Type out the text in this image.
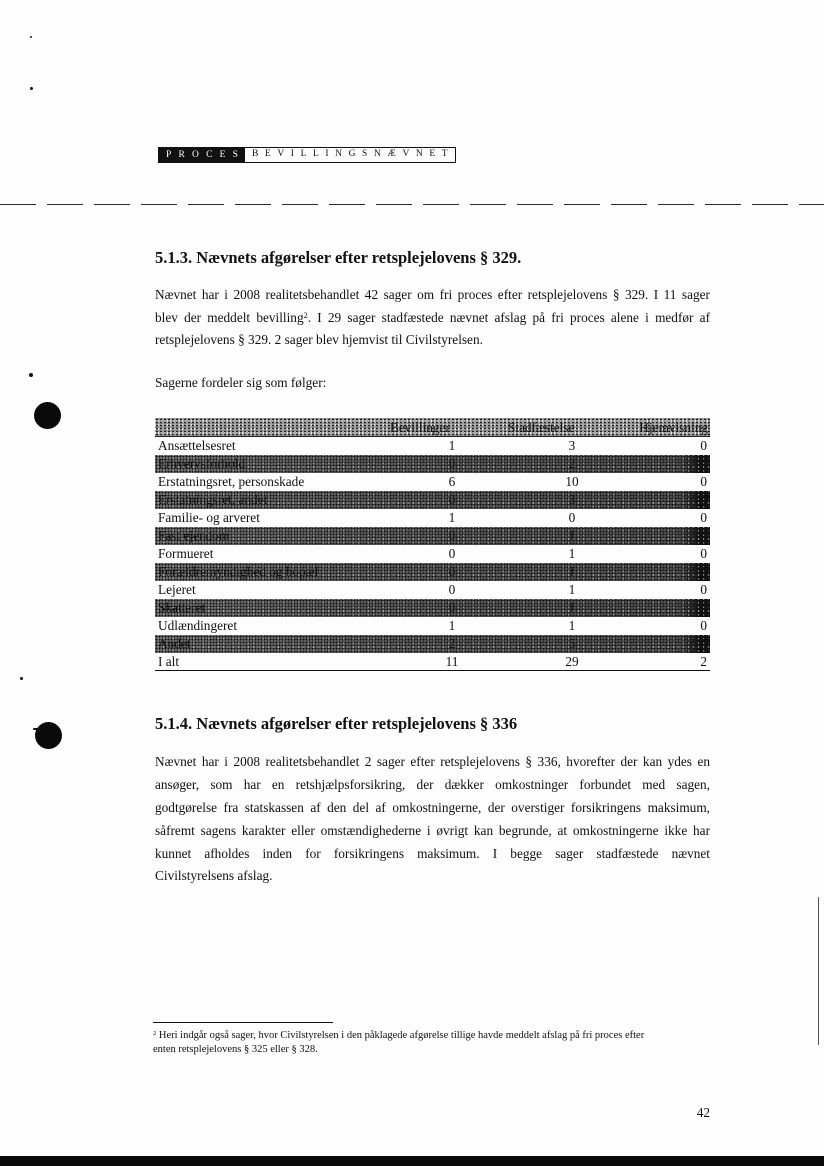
PROCES BEVILLINGSNÆVNET
5.1.3. Nævnets afgørelser efter retsplejelovens § 329.
Nævnet har i 2008 realitetsbehandlet 42 sager om fri proces efter retsplejelovens § 329. I 11 sager
blev der meddelt bevilling$^2$. I 29 sager stadfæstede nævnet afslag på fri proces alene i medfør af
retsplejelovens § 329. 2 sager blev hjemvist til Civilstyrelsen.
Sagerne fordeler sig som følger:
Bevillinger	Stadfæstelse	Hjemvisning
Ansættelsesret	1	3	0
Erhvervsforhold	0	2	0
Erstatningsret, personskade	6	10	0
Erstatningsret, andet	0	3	2
Familie- og arveret	1	0	0
Fast ejendom	0	1	0
Formueret	0	1	0
Forældremyndighed og bopæl	0	1	0
Lejeret	0	1	0
Skatteret	0	1	0
Udlændingeret	1	1	0
Andet	2	5	0
I alt	11	29	2
5.1.4. Nævnets afgørelser efter retsplejelovens § 336
Nævnet har i 2008 realitetsbehandlet 2 sager efter retsplejelovens § 336, hvorefter der kan ydes en
ansøger, som har en retshjælpsforsikring, der dækker omkostninger forbundet med sagen,
godtgørelse fra statskassen af den del af omkostningerne, der overstiger forsikringens maksimum,
såfremt sagens karakter eller omstændighederne i øvrigt kan begrunde, at omkostningerne ikke har
kunnet afholdes inden for forsikringens maksimum. I begge sager stadfæstede nævnet
Civilstyrelsens afslag.
$^2$ Heri indgår også sager, hvor Civilstyrelsen i den påklagede afgørelse tillige havde meddelt afslag på fri proces efter
enten retsplejelovens § 325 eller § 328.
42
